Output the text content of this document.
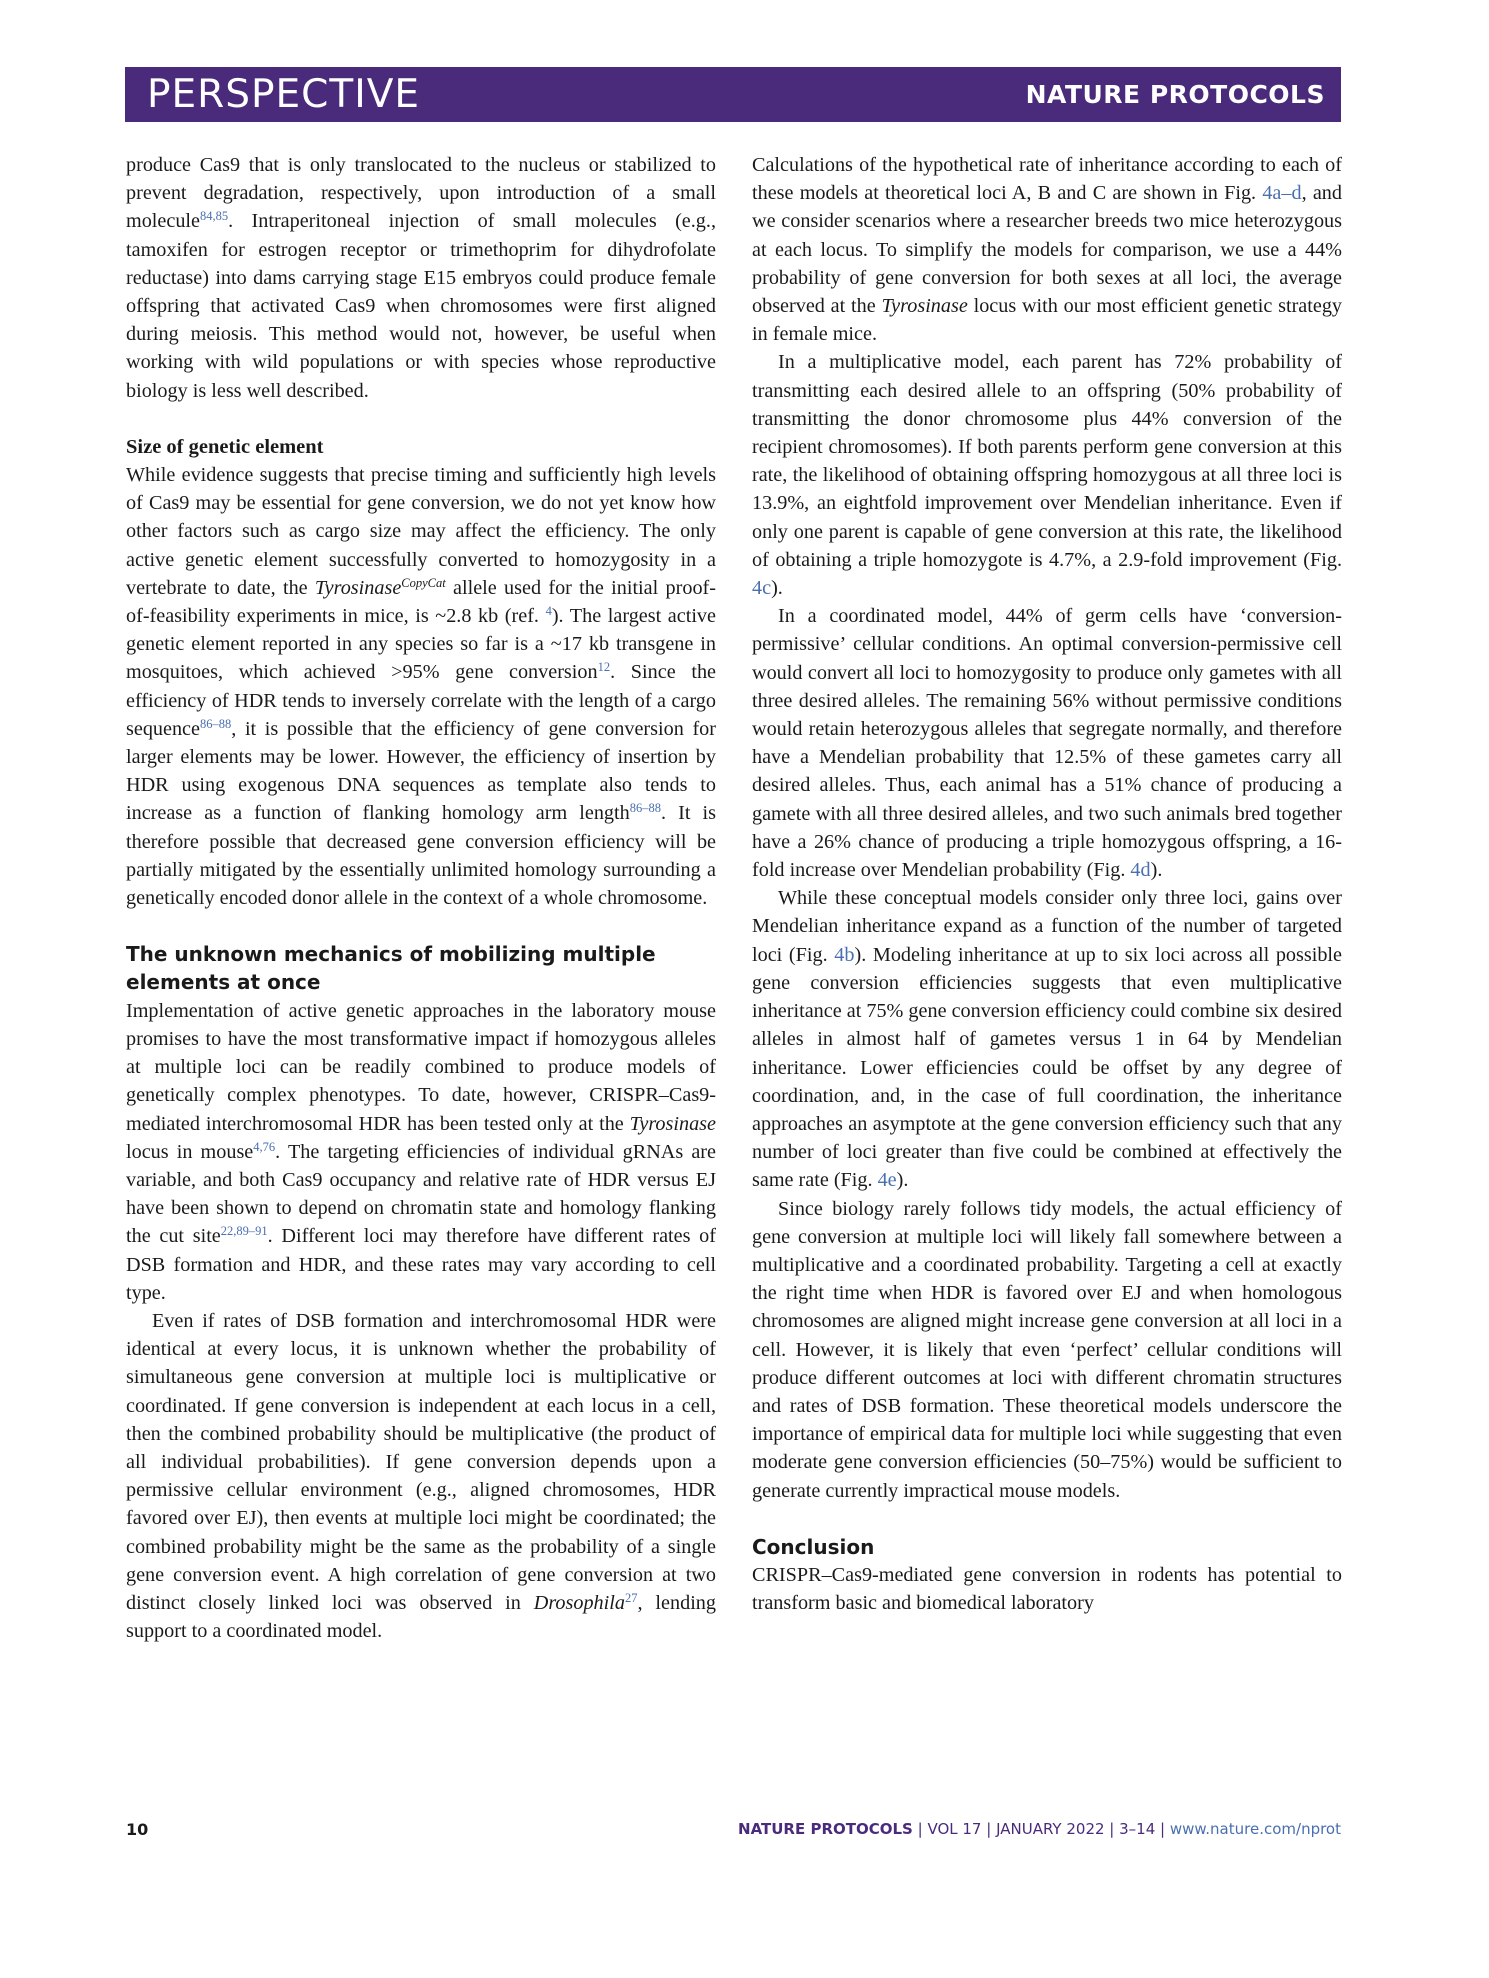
PERSPECTIVE	NATURE PROTOCOLS

produce Cas9 that is only translocated to the nucleus or stabilized to prevent degradation, respectively, upon introduction of a small molecule$^{84,85}$. Intraperitoneal injection of small molecules (e.g., tamoxifen for estrogen receptor or trimethoprim for dihydrofolate reductase) into dams carrying stage E15 embryos could produce female offspring that activated Cas9 when chromosomes were first aligned during meiosis. This method would not, however, be useful when working with wild populations or with species whose reproductive biology is less well described.

Size of genetic element

While evidence suggests that precise timing and sufficiently high levels of Cas9 may be essential for gene conversion, we do not yet know how other factors such as cargo size may affect the efficiency. The only active genetic element successfully converted to homozygosity in a vertebrate to date, the Tyrosinase$^{CopyCat}$ allele used for the initial proof-of-feasibility experiments in mice, is ~2.8 kb (ref. $^4$). The largest active genetic element reported in any species so far is a ~17 kb transgene in mosquitoes, which achieved >95% gene conversion$^{12}$. Since the efficiency of HDR tends to inversely correlate with the length of a cargo sequence$^{86-88}$, it is possible that the efficiency of gene conversion for larger elements may be lower. However, the efficiency of insertion by HDR using exogenous DNA sequences as template also tends to increase as a function of flanking homology arm length$^{86-88}$. It is therefore possible that decreased gene conversion efficiency will be partially mitigated by the essentially unlimited homology surrounding a genetically encoded donor allele in the context of a whole chromosome.

The unknown mechanics of mobilizing multiple elements at once

Implementation of active genetic approaches in the laboratory mouse promises to have the most transformative impact if homozygous alleles at multiple loci can be readily combined to produce models of genetically complex phenotypes. To date, however, CRISPR–Cas9-mediated interchromosomal HDR has been tested only at the Tyrosinase locus in mouse$^{4,76}$. The targeting efficiencies of individual gRNAs are variable, and both Cas9 occupancy and relative rate of HDR versus EJ have been shown to depend on chromatin state and homology flanking the cut site$^{22,89-91}$. Different loci may therefore have different rates of DSB formation and HDR, and these rates may vary according to cell type.

Even if rates of DSB formation and interchromosomal HDR were identical at every locus, it is unknown whether the probability of simultaneous gene conversion at multiple loci is multiplicative or coordinated. If gene conversion is independent at each locus in a cell, then the combined probability should be multiplicative (the product of all individual probabilities). If gene conversion depends upon a permissive cellular environment (e.g., aligned chromosomes, HDR favored over EJ), then events at multiple loci might be coordinated; the combined probability might be the same as the probability of a single gene conversion event. A high correlation of gene conversion at two distinct closely linked loci was observed in Drosophila$^{27}$, lending support to a coordinated model.

Calculations of the hypothetical rate of inheritance according to each of these models at theoretical loci A, B and C are shown in Fig. 4a–d, and we consider scenarios where a researcher breeds two mice heterozygous at each locus. To simplify the models for comparison, we use a 44% probability of gene conversion for both sexes at all loci, the average observed at the Tyrosinase locus with our most efficient genetic strategy in female mice.

In a multiplicative model, each parent has 72% probability of transmitting each desired allele to an offspring (50% probability of transmitting the donor chromosome plus 44% conversion of the recipient chromosomes). If both parents perform gene conversion at this rate, the likelihood of obtaining offspring homozygous at all three loci is 13.9%, an eightfold improvement over Mendelian inheritance. Even if only one parent is capable of gene conversion at this rate, the likelihood of obtaining a triple homozygote is 4.7%, a 2.9-fold improvement (Fig. 4c).

In a coordinated model, 44% of germ cells have ‘conversion-permissive’ cellular conditions. An optimal conversion-permissive cell would convert all loci to homozygosity to produce only gametes with all three desired alleles. The remaining 56% without permissive conditions would retain heterozygous alleles that segregate normally, and therefore have a Mendelian probability that 12.5% of these gametes carry all desired alleles. Thus, each animal has a 51% chance of producing a gamete with all three desired alleles, and two such animals bred together have a 26% chance of producing a triple homozygous offspring, a 16-fold increase over Mendelian probability (Fig. 4d).

While these conceptual models consider only three loci, gains over Mendelian inheritance expand as a function of the number of targeted loci (Fig. 4b). Modeling inheritance at up to six loci across all possible gene conversion efficiencies suggests that even multiplicative inheritance at 75% gene conversion efficiency could combine six desired alleles in almost half of gametes versus 1 in 64 by Mendelian inheritance. Lower efficiencies could be offset by any degree of coordination, and, in the case of full coordination, the inheritance approaches an asymptote at the gene conversion efficiency such that any number of loci greater than five could be combined at effectively the same rate (Fig. 4e).

Since biology rarely follows tidy models, the actual efficiency of gene conversion at multiple loci will likely fall somewhere between a multiplicative and a coordinated probability. Targeting a cell at exactly the right time when HDR is favored over EJ and when homologous chromosomes are aligned might increase gene conversion at all loci in a cell. However, it is likely that even ‘perfect’ cellular conditions will produce different outcomes at loci with different chromatin structures and rates of DSB formation. These theoretical models underscore the importance of empirical data for multiple loci while suggesting that even moderate gene conversion efficiencies (50–75%) would be sufficient to generate currently impractical mouse models.

Conclusion

CRISPR–Cas9-mediated gene conversion in rodents has potential to transform basic and biomedical laboratory

10	NATURE PROTOCOLS | VOL 17 | JANUARY 2022 | 3–14 | www.nature.com/nprot
